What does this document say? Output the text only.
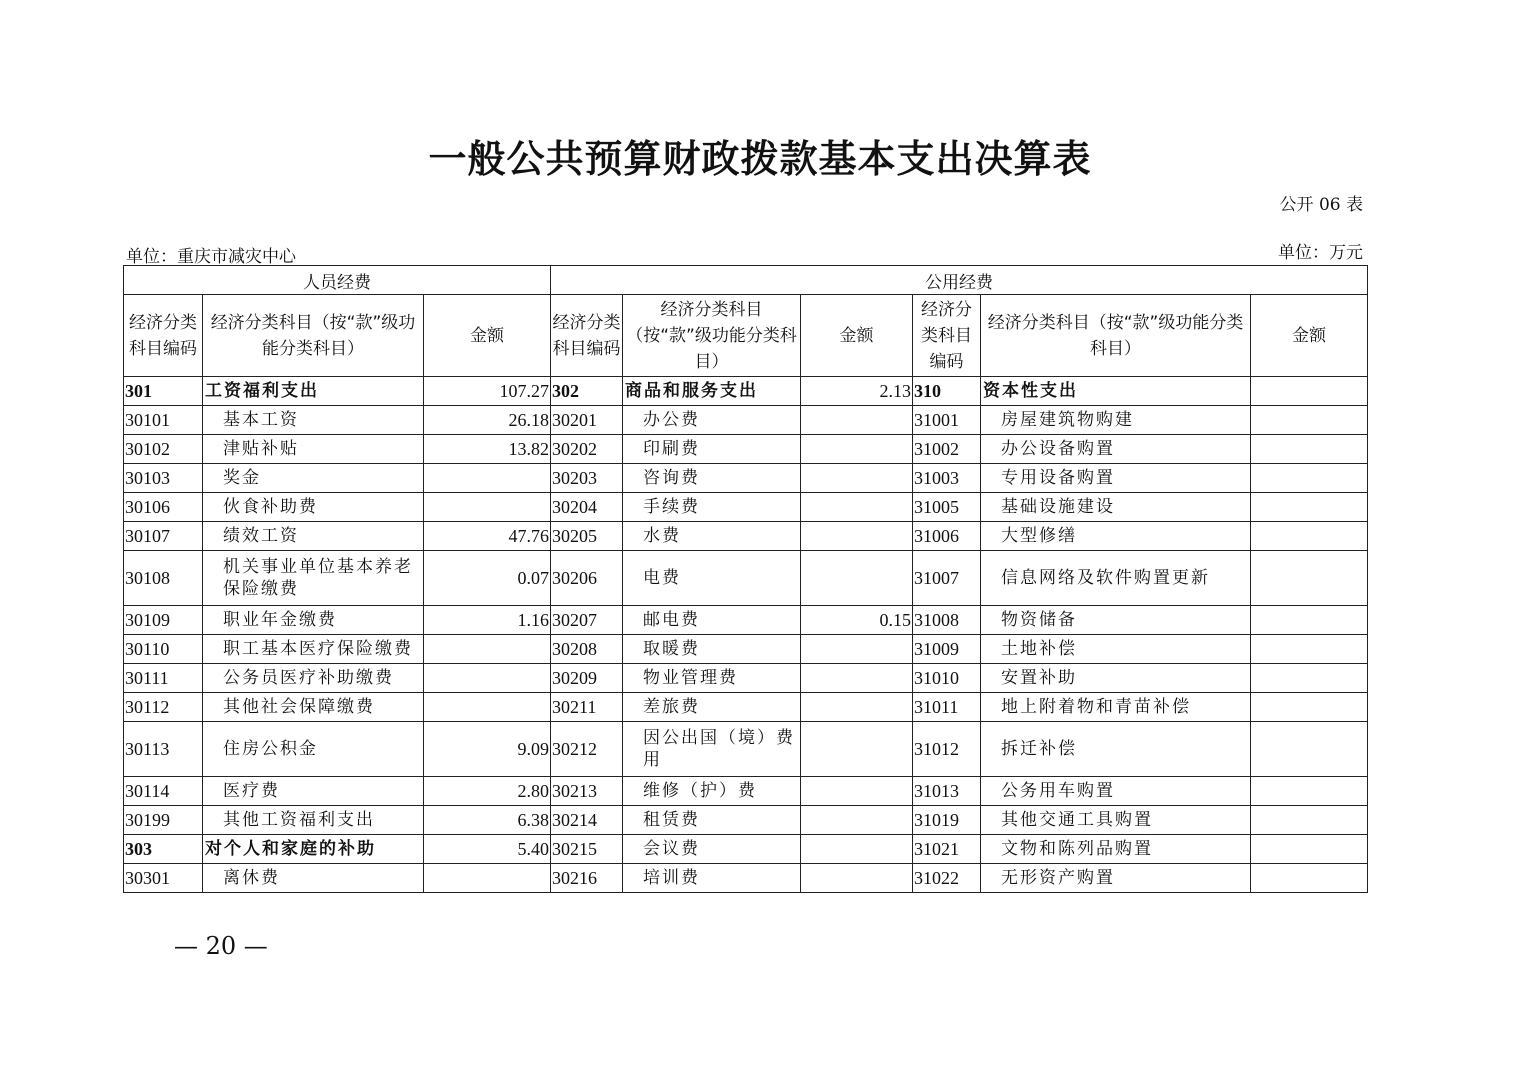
一般公共预算财政拨款基本支出决算表
公开 06 表
单位：重庆市减灾中心	单位：万元
人员经费			公用经费					
经济分类科目编码	经济分类科目（按“款”级功能分类科目）	金额	经济分类科目编码	经济分类科目（按“款”级功能分类科目）	金额	经济分类科目编码	经济分类科目（按“款”级功能分类科目）	金额
301	工资福利支出	107.27	302	商品和服务支出	2.13	310	资本性支出	
30101	基本工资	26.18	30201	办公费		31001	房屋建筑物购建	
30102	津贴补贴	13.82	30202	印刷费		31002	办公设备购置	
30103	奖金		30203	咨询费		31003	专用设备购置	
30106	伙食补助费		30204	手续费		31005	基础设施建设	
30107	绩效工资	47.76	30205	水费		31006	大型修缮	
30108	机关事业单位基本养老保险缴费	0.07	30206	电费		31007	信息网络及软件购置更新	
30109	职业年金缴费	1.16	30207	邮电费	0.15	31008	物资储备	
30110	职工基本医疗保险缴费		30208	取暖费		31009	土地补偿	
30111	公务员医疗补助缴费		30209	物业管理费		31010	安置补助	
30112	其他社会保障缴费		30211	差旅费		31011	地上附着物和青苗补偿	
30113	住房公积金	9.09	30212	因公出国（境）费用		31012	拆迁补偿	
30114	医疗费	2.80	30213	维修（护）费		31013	公务用车购置	
30199	其他工资福利支出	6.38	30214	租赁费		31019	其他交通工具购置	
303	对个人和家庭的补助	5.40	30215	会议费		31021	文物和陈列品购置	
30301	离休费		30216	培训费		31022	无形资产购置	
— 20 —
